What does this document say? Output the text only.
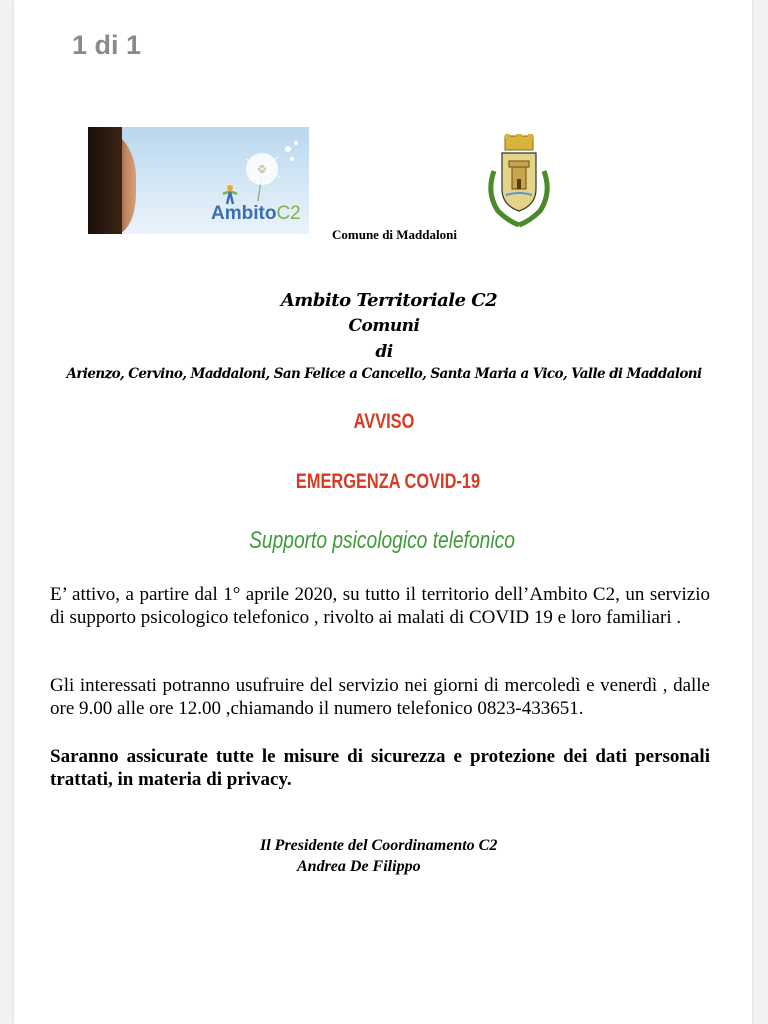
1 di 1
AmbitoC2
Comune di Maddaloni
Ambito Territoriale C2
Comuni
di
Arienzo, Cervino, Maddaloni, San Felice a Cancello, Santa Maria a Vico, Valle di Maddaloni
AVVISO
EMERGENZA COVID-19
Supporto psicologico telefonico
E’ attivo, a partire dal 1° aprile 2020, su tutto il territorio dell’Ambito C2, un servizio di supporto psicologico telefonico , rivolto ai malati di COVID 19 e loro familiari .
Gli interessati potranno usufruire del servizio nei giorni di mercoledì e venerdì , dalle ore 9.00 alle ore 12.00 ,chiamando il numero telefonico 0823-433651.
Saranno assicurate tutte le misure di sicurezza e protezione dei dati personali trattati, in materia di privacy.
Il Presidente del Coordinamento C2
Andrea De Filippo
